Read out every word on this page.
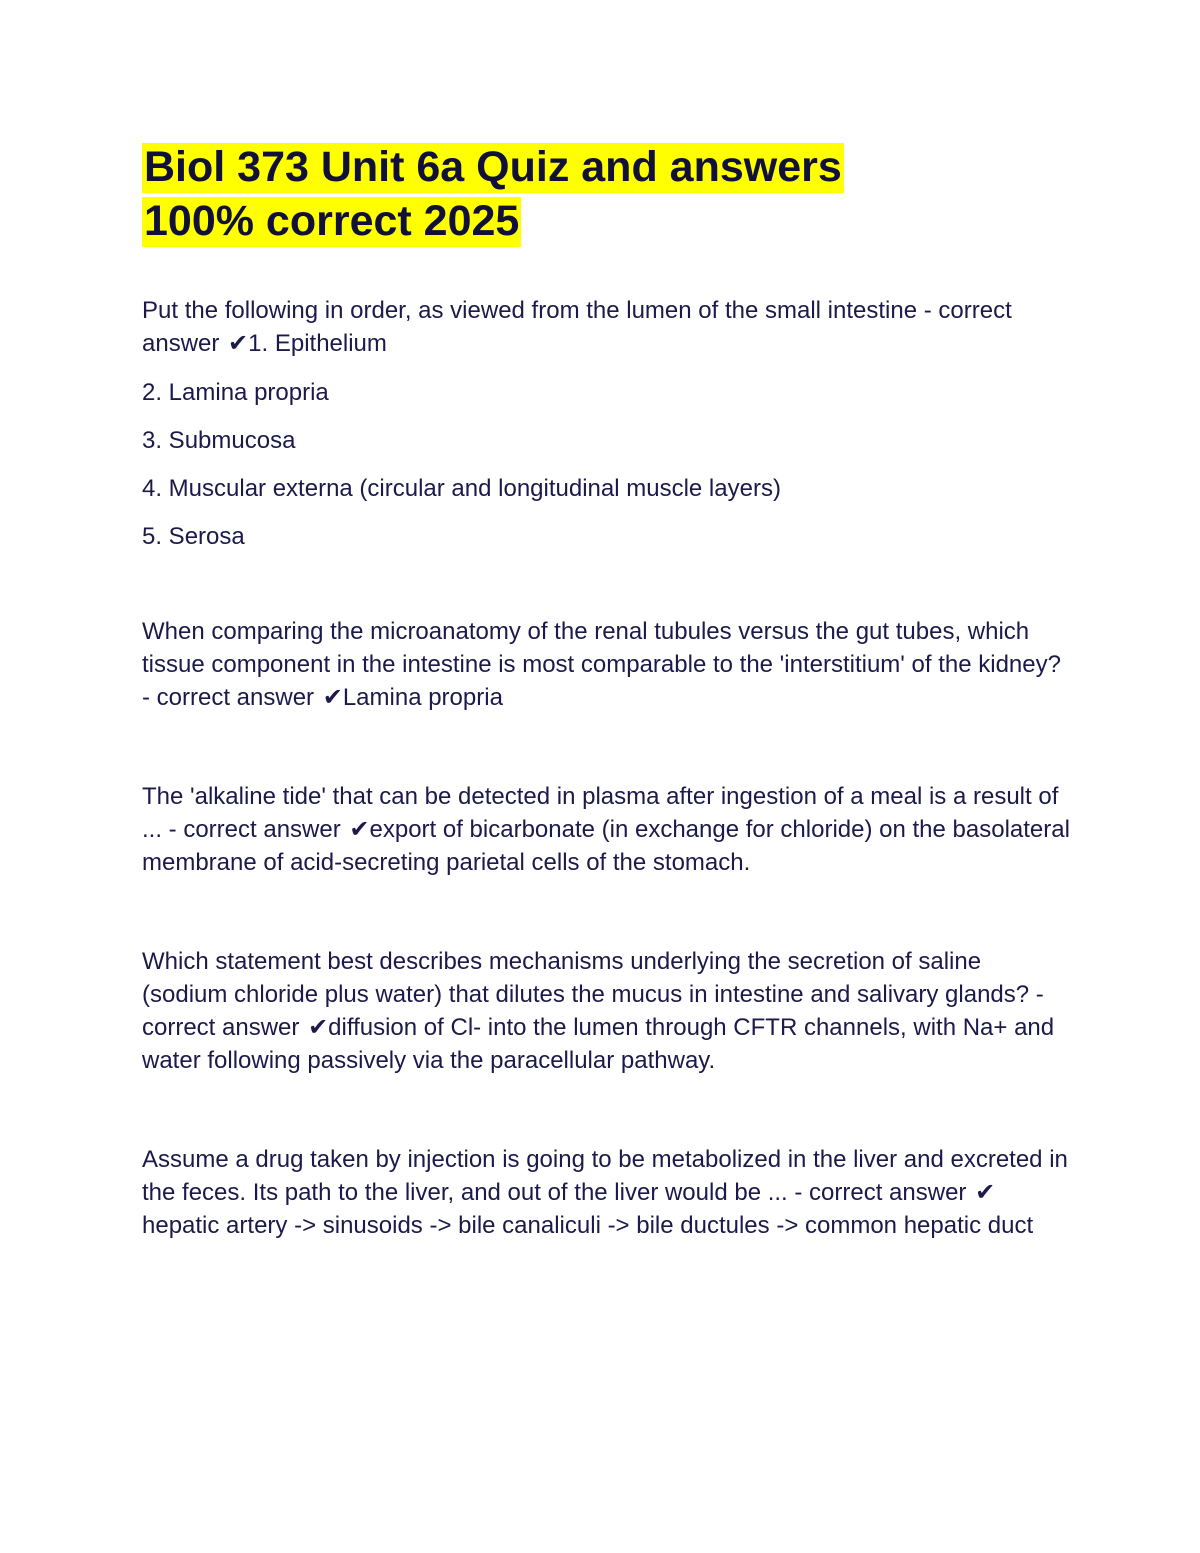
Biol 373 Unit 6a Quiz and answers
100% correct 2025

Put the following in order, as viewed from the lumen of the small intestine - correct answer ✔1. Epithelium

2. Lamina propria

3. Submucosa

4. Muscular externa (circular and longitudinal muscle layers)

5. Serosa

When comparing the microanatomy of the renal tubules versus the gut tubes, which tissue component in the intestine is most comparable to the 'interstitium' of the kidney? - correct answer ✔Lamina propria

The 'alkaline tide' that can be detected in plasma after ingestion of a meal is a result of ... - correct answer ✔export of bicarbonate (in exchange for chloride) on the basolateral membrane of acid-secreting parietal cells of the stomach.

Which statement best describes mechanisms underlying the secretion of saline (sodium chloride plus water) that dilutes the mucus in intestine and salivary glands? - correct answer ✔diffusion of Cl- into the lumen through CFTR channels, with Na+ and water following passively via the paracellular pathway.

Assume a drug taken by injection is going to be metabolized in the liver and excreted in the feces. Its path to the liver, and out of the liver would be ... - correct answer ✔hepatic artery -> sinusoids -> bile canaliculi -> bile ductules -> common hepatic duct
